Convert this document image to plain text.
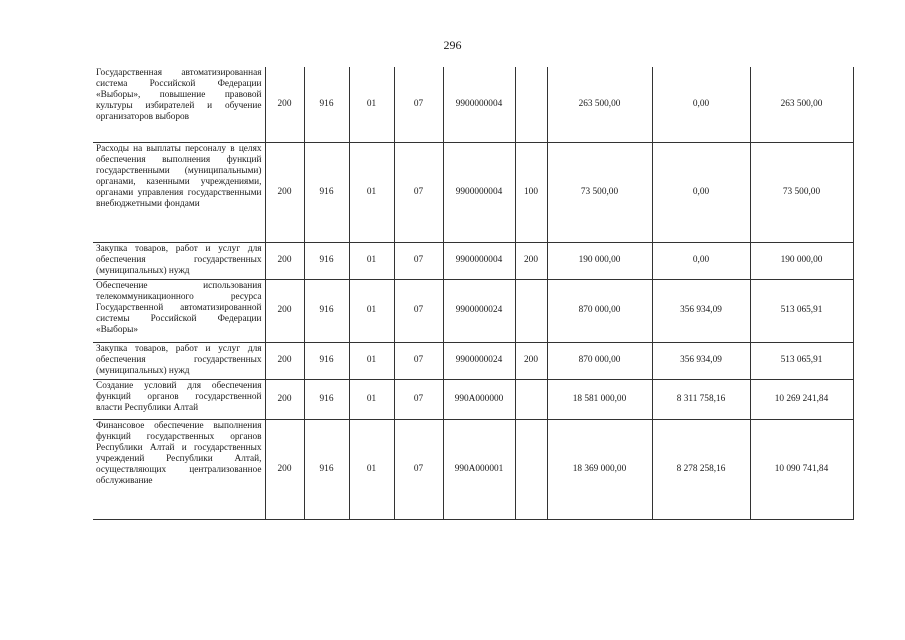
296
Государственная автоматизированная система Российской Федерации «Выборы», повышение правовой культуры избирателей и обучение организаторов выборов	200	916	01	07	9900000004		263 500,00	0,00	263 500,00
Расходы на выплаты персоналу в целях обеспечения выполнения функций государственными (муниципальными) органами, казенными учреждениями, органами управления государственными внебюджетными фондами	200	916	01	07	9900000004	100	73 500,00	0,00	73 500,00
Закупка товаров, работ и услуг для обеспечения государственных (муниципальных) нужд	200	916	01	07	9900000004	200	190 000,00	0,00	190 000,00
Обеспечение использования телекоммуникационного ресурса Государственной автоматизированной системы Российской Федерации «Выборы»	200	916	01	07	9900000024		870 000,00	356 934,09	513 065,91
Закупка товаров, работ и услуг для обеспечения государственных (муниципальных) нужд	200	916	01	07	9900000024	200	870 000,00	356 934,09	513 065,91
Создание условий для обеспечения функций органов государственной власти Республики Алтай	200	916	01	07	990A000000		18 581 000,00	8 311 758,16	10 269 241,84
Финансовое обеспечение выполнения функций государственных органов Республики Алтай и государственных учреждений Республики Алтай, осуществляющих централизованное обслуживание	200	916	01	07	990A000001		18 369 000,00	8 278 258,16	10 090 741,84
